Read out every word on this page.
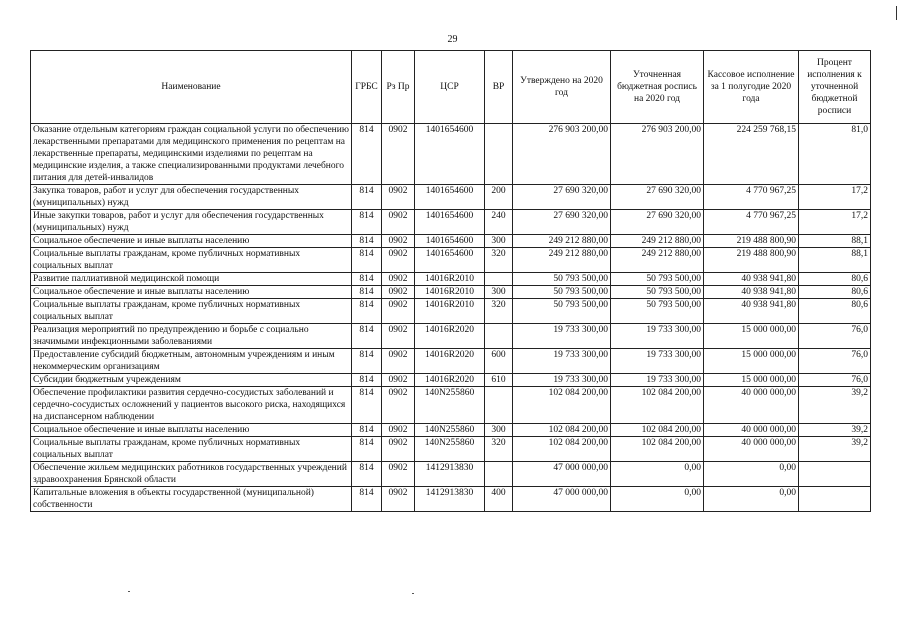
29
Наименование	ГРБС	Рз Пр	ЦСР	ВР	Утверждено на 2020 год	Уточненная бюджетная роспись на 2020 год	Кассовое исполнение за 1 полугодие 2020 года	Процент исполнения к уточненной бюджетной росписи
Оказание отдельным категориям граждан социальной услуги по обеспечению лекарственными препаратами для медицинского применения по рецептам на лекарственные препараты, медицинскими изделиями по рецептам на медицинские изделия, а также специализированными продуктами лечебного питания для детей-инвалидов	814	0902	1401654600		276 903 200,00	276 903 200,00	224 259 768,15	81,0
Закупка товаров, работ и услуг для обеспечения государственных (муниципальных) нужд	814	0902	1401654600	200	27 690 320,00	27 690 320,00	4 770 967,25	17,2
Иные закупки товаров, работ и услуг для обеспечения государственных (муниципальных) нужд	814	0902	1401654600	240	27 690 320,00	27 690 320,00	4 770 967,25	17,2
Социальное обеспечение и иные выплаты населению	814	0902	1401654600	300	249 212 880,00	249 212 880,00	219 488 800,90	88,1
Социальные выплаты гражданам, кроме публичных нормативных социальных выплат	814	0902	1401654600	320	249 212 880,00	249 212 880,00	219 488 800,90	88,1
Развитие паллиативной медицинской помощи	814	0902	14016R2010		50 793 500,00	50 793 500,00	40 938 941,80	80,6
Социальное обеспечение и иные выплаты населению	814	0902	14016R2010	300	50 793 500,00	50 793 500,00	40 938 941,80	80,6
Социальные выплаты гражданам, кроме публичных нормативных социальных выплат	814	0902	14016R2010	320	50 793 500,00	50 793 500,00	40 938 941,80	80,6
Реализация мероприятий по предупреждению и борьбе с социально значимыми инфекционными заболеваниями	814	0902	14016R2020		19 733 300,00	19 733 300,00	15 000 000,00	76,0
Предоставление субсидий бюджетным, автономным учреждениям и иным некоммерческим организациям	814	0902	14016R2020	600	19 733 300,00	19 733 300,00	15 000 000,00	76,0
Субсидии бюджетным учреждениям	814	0902	14016R2020	610	19 733 300,00	19 733 300,00	15 000 000,00	76,0
Обеспечение профилактики развития сердечно-сосудистых заболеваний и сердечно-сосудистых осложнений у пациентов высокого риска, находящихся на диспансерном наблюдении	814	0902	140N255860		102 084 200,00	102 084 200,00	40 000 000,00	39,2
Социальное обеспечение и иные выплаты населению	814	0902	140N255860	300	102 084 200,00	102 084 200,00	40 000 000,00	39,2
Социальные выплаты гражданам, кроме публичных нормативных социальных выплат	814	0902	140N255860	320	102 084 200,00	102 084 200,00	40 000 000,00	39,2
Обеспечение жильем медицинских работников государственных учреждений здравоохранения Брянской области	814	0902	1412913830		47 000 000,00	0,00	0,00	
Капитальные вложения в объекты государственной (муниципальной) собственности	814	0902	1412913830	400	47 000 000,00	0,00	0,00	
